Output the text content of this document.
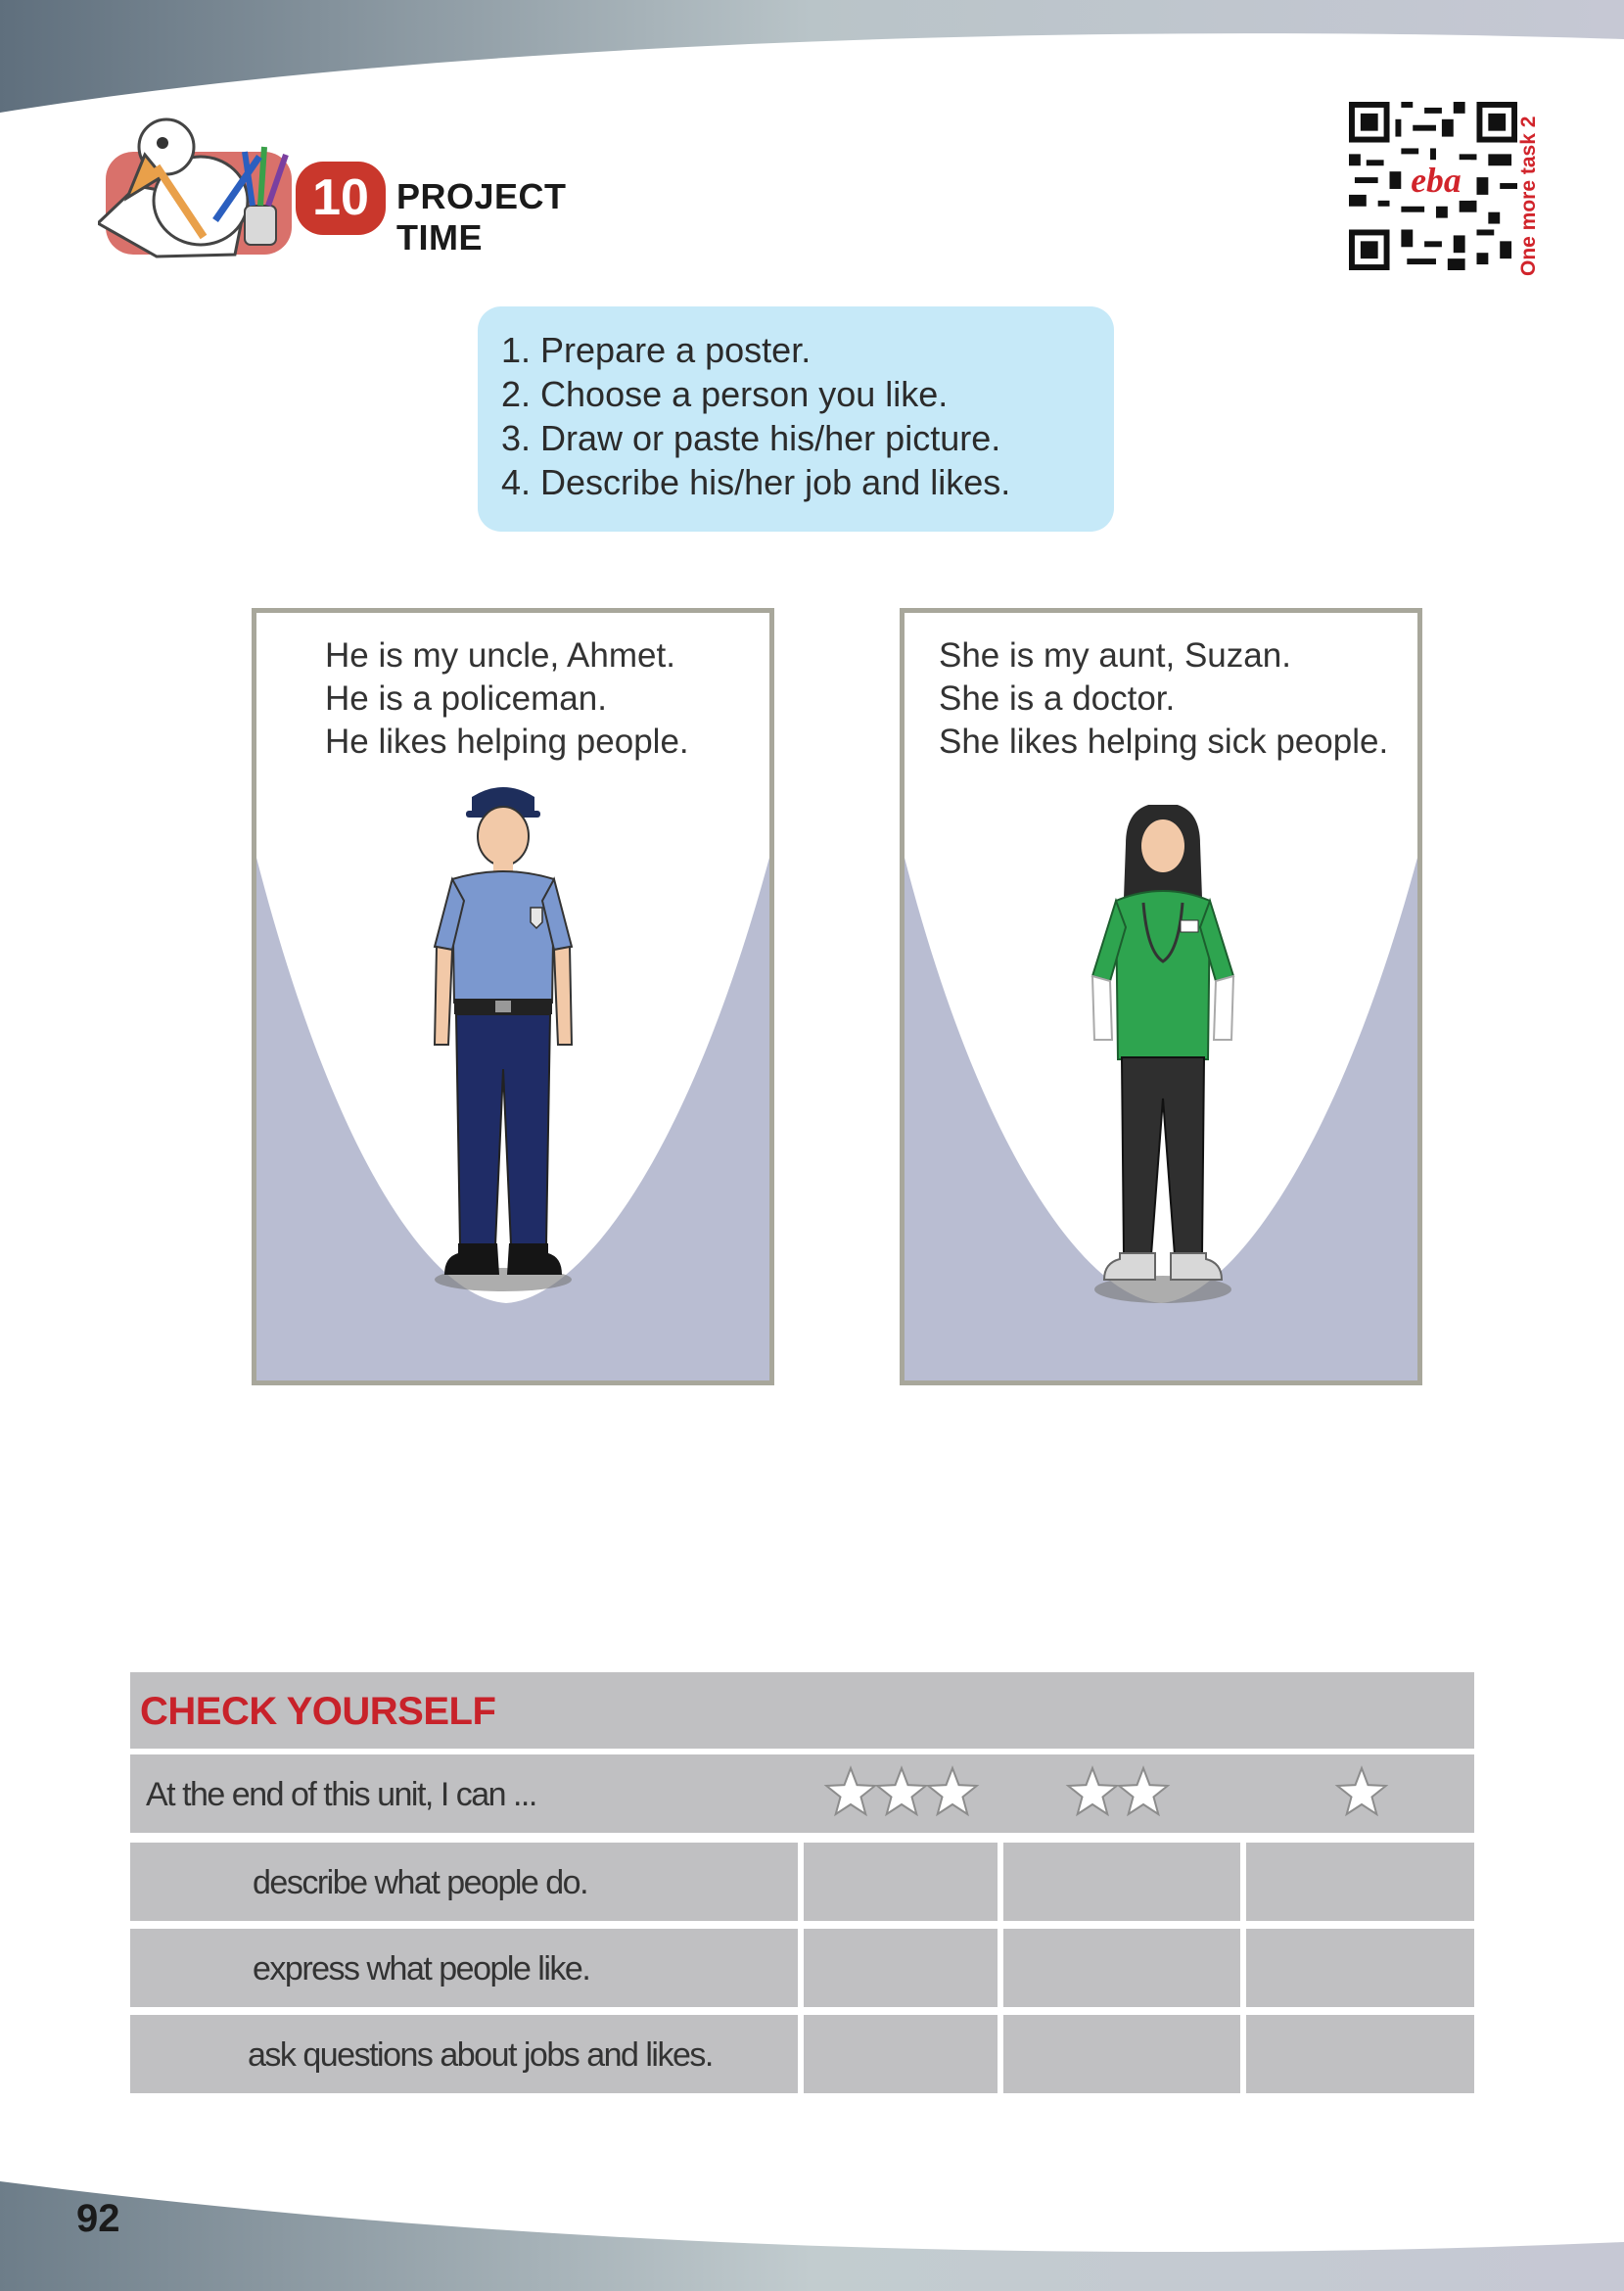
10 PROJECT TIME
eba	One more task 2
1. Prepare a poster.
2. Choose a person you like.
3. Draw or paste his/her picture.
4. Describe his/her job and likes.
He is my uncle, Ahmet.
He is a policeman.
He likes helping people.
She is my aunt, Suzan.
She is a doctor.
She likes helping sick people.
CHECK YOURSELF
At the end of this unit, I can ...
describe what people do.
express what people like.
ask questions about jobs and likes.
92
